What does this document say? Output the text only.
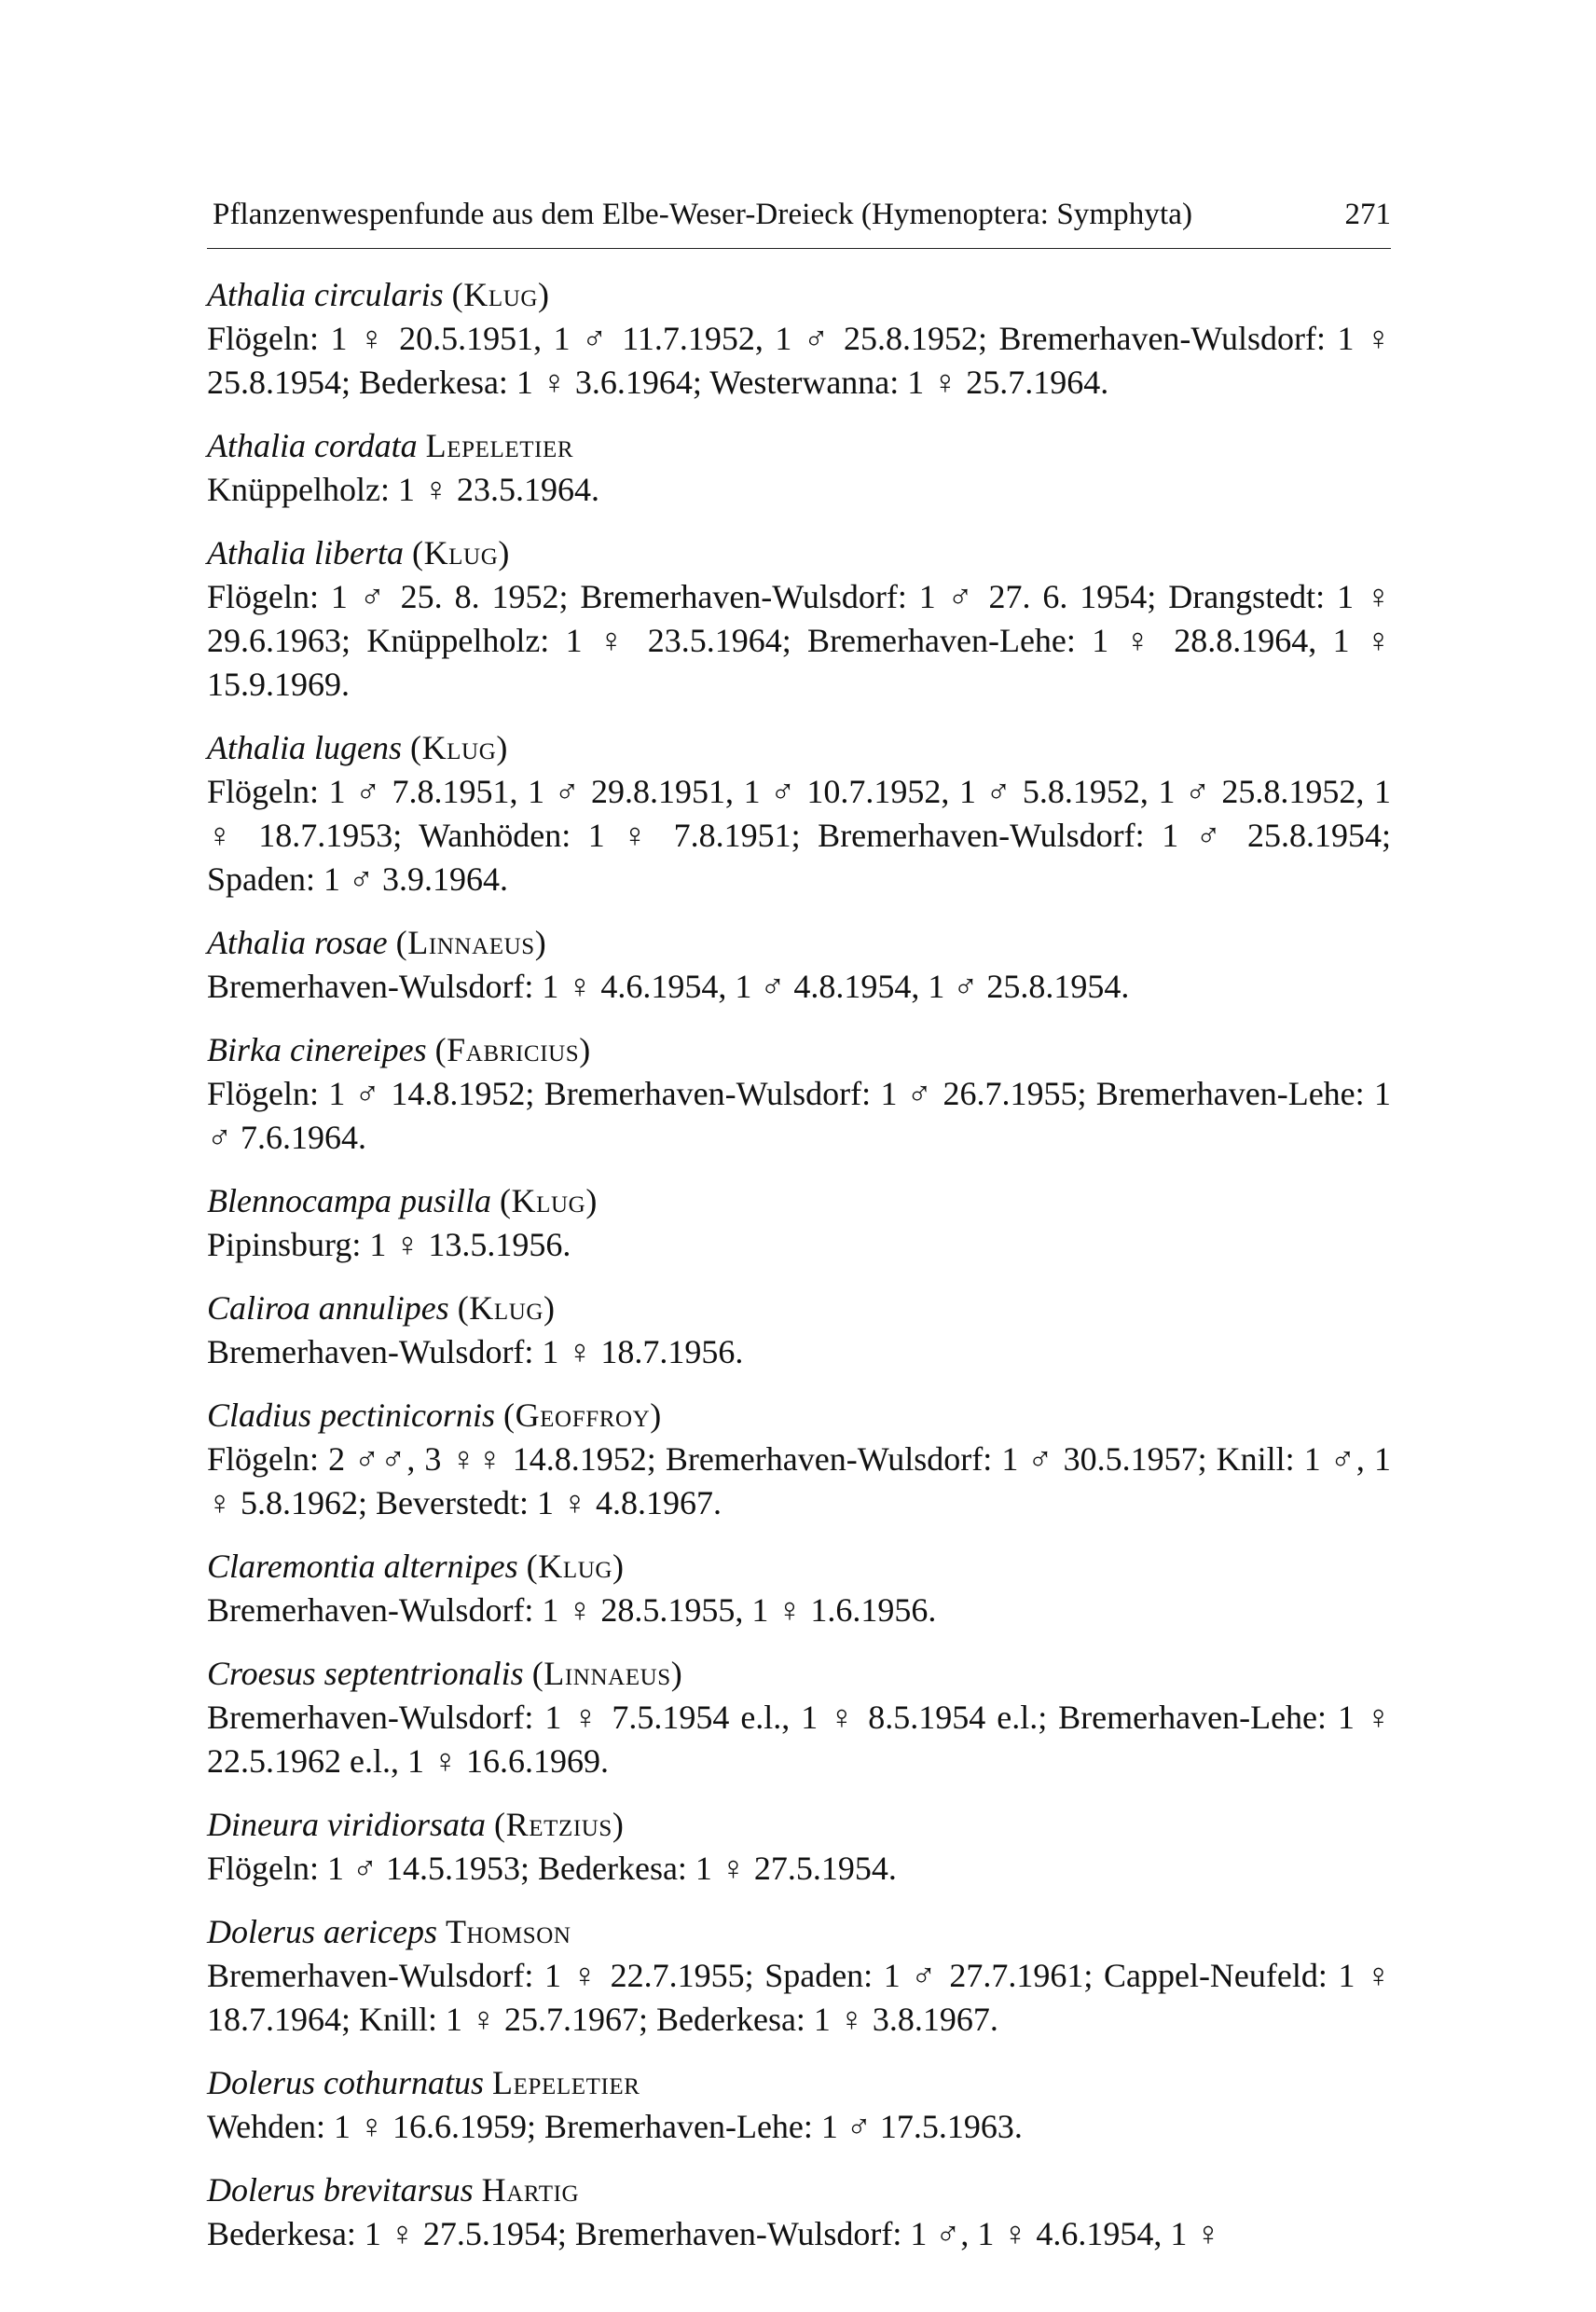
Pflanzenwespenfunde aus dem Elbe-Weser-Dreieck (Hymenoptera: Symphyta)	271
Athalia circularis (Klug)
Flögeln: 1 ♀ 20.5.1951, 1 ♂ 11.7.1952, 1 ♂ 25.8.1952; Bremerhaven-Wulsdorf: 1 ♀ 25.8.1954; Bederkesa: 1 ♀ 3.6.1964; Westerwanna: 1 ♀ 25.7.1964.
Athalia cordata Lepeletier
Knüppelholz: 1 ♀ 23.5.1964.
Athalia liberta (Klug)
Flögeln: 1 ♂ 25. 8. 1952; Bremerhaven-Wulsdorf: 1 ♂ 27. 6. 1954; Drangstedt: 1 ♀ 29.6.1963; Knüppelholz: 1 ♀ 23.5.1964; Bremerhaven-Lehe: 1 ♀ 28.8.1964, 1 ♀ 15.9.1969.
Athalia lugens (Klug)
Flögeln: 1 ♂ 7.8.1951, 1 ♂ 29.8.1951, 1 ♂ 10.7.1952, 1 ♂ 5.8.1952, 1 ♂ 25.8.1952, 1 ♀ 18.7.1953; Wanhöden: 1 ♀ 7.8.1951; Bremerhaven-Wulsdorf: 1 ♂ 25.8.1954; Spaden: 1 ♂ 3.9.1964.
Athalia rosae (Linnaeus)
Bremerhaven-Wulsdorf: 1 ♀ 4.6.1954, 1 ♂ 4.8.1954, 1 ♂ 25.8.1954.
Birka cinereipes (Fabricius)
Flögeln: 1 ♂ 14.8.1952; Bremerhaven-Wulsdorf: 1 ♂ 26.7.1955; Bremerhaven-Lehe: 1 ♂ 7.6.1964.
Blennocampa pusilla (Klug)
Pipinsburg: 1 ♀ 13.5.1956.
Caliroa annulipes (Klug)
Bremerhaven-Wulsdorf: 1 ♀ 18.7.1956.
Cladius pectinicornis (Geoffroy)
Flögeln: 2 ♂♂, 3 ♀♀ 14.8.1952; Bremerhaven-Wulsdorf: 1 ♂ 30.5.1957; Knill: 1 ♂, 1 ♀ 5.8.1962; Beverstedt: 1 ♀ 4.8.1967.
Claremontia alternipes (Klug)
Bremerhaven-Wulsdorf: 1 ♀ 28.5.1955, 1 ♀ 1.6.1956.
Croesus septentrionalis (Linnaeus)
Bremerhaven-Wulsdorf: 1 ♀ 7.5.1954 e.l., 1 ♀ 8.5.1954 e.l.; Bremerhaven-Lehe: 1 ♀ 22.5.1962 e.l., 1 ♀ 16.6.1969.
Dineura viridiorsata (Retzius)
Flögeln: 1 ♂ 14.5.1953; Bederkesa: 1 ♀ 27.5.1954.
Dolerus aericeps Thomson
Bremerhaven-Wulsdorf: 1 ♀ 22.7.1955; Spaden: 1 ♂ 27.7.1961; Cappel-Neufeld: 1 ♀ 18.7.1964; Knill: 1 ♀ 25.7.1967; Bederkesa: 1 ♀ 3.8.1967.
Dolerus cothurnatus Lepeletier
Wehden: 1 ♀ 16.6.1959; Bremerhaven-Lehe: 1 ♂ 17.5.1963.
Dolerus brevitarsus Hartig
Bederkesa: 1 ♀ 27.5.1954; Bremerhaven-Wulsdorf: 1 ♂, 1 ♀ 4.6.1954, 1 ♀
